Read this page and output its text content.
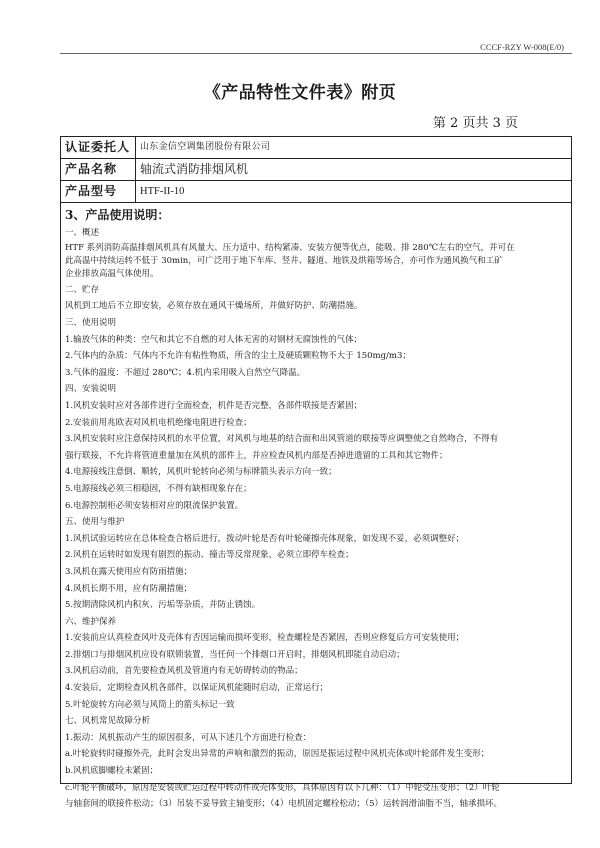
CCCF-RZY W-008(E/0)
《产品特性文件表》附页
第 2 页共 3 页
认证委托人	山东金信空调集团股份有限公司
产品名称	轴流式消防排烟风机
产品型号	HTF-II-10
3、产品使用说明：

一、概述

HTF 系列消防高温排烟风机具有风量大、压力适中、结构紧凑、安装方便等优点，能吸、排 280℃左右的空气，并可在

此高温中持续运转不低于 30min，可广泛用于地下车库、竖井、隧道、地铁及烘箱等场合，亦可作为通风换气和工矿

企业排放高温气体使用。

二、贮存

风机到工地后不立即安装，必须存放在通风干燥场所，并做好防护、防潮措施。

三、使用说明

1.输放气体的种类：空气和其它不自燃的对人体无害的对钢材无腐蚀性的气体；

2.气体内的杂质：气体内不允许有粘性物质，所含的尘土及硬质颗粒物不大于 150mg/m3；

3.气体的温度：不超过 280℃；4.机内采用吸入自然空气降温。

四、安装说明

1.风机安装时应对各部件进行全面检查，机件是否完整，各部件联接是否紧固；

2.安装前用兆欧表对风机电机绝缘电阻进行检查；

3.风机安装时应注意保持风机的水平位置，对风机与地基的结合面和出风管道的联接等应调整使之自然吻合，不得有

强行联接，不允许将管道重量加在风机的部件上，并应检查风机内部是否掉进遗留的工具和其它物件；

4.电源接线注意倒、顺转，风机叶轮转向必须与标牌箭头表示方向一致；

5.电源接线必须三相稳固，不得有缺相现象存在；

6.电源控制柜必须安装相对应的限流保护装置。

五、使用与维护

1.风机试验运转应在总体检查合格后进行，拨动叶轮是否有叶轮碰擦壳体现象，如发现不妥，必须调整好；

2.风机在运转时如发现有剧烈的振动、撞击等反常现象，必须立即停车检查；

3.风机在露天使用应有防雨措施；

4.风机长期不用，应有防潮措施；

5.按期清除风机内积灰、污垢等杂质，并防止锈蚀。

六、维护保养

1.安装前应认真检查风叶及壳体有否因运输而损坏变形，检查螺栓是否紧固，否则应修复后方可安装使用；

2.排烟口与排烟风机应设有联锁装置，当任何一个排烟口开启时，排烟风机即能自动启动；

3.风机启动前，首先要检查风机及管道内有无妨碍转动的物品；

4.安装后，定期检查风机各部件，以保证风机能随时启动，正常运行；

5.叶轮旋转方向必须与风筒上的箭头标记一致

七、风机常见故障分析

1.振动：风机振动产生的原因很多，可从下述几个方面进行检查：

a.叶轮旋转时碰擦外壳，此时会发出异常的声响和激烈的振动，原因是振运过程中风机壳体或叶轮部件发生变形；

b.风机底脚螺栓未紧固；

c.叶轮平衡破坏，原因是安装或贮运过程中转动件或壳体变形，具体原因有以下几种：（1）中轮受压变形；（2）叶轮

与轴套间的联接件松动；（3）吊装不妥导致主轴变形；（4）电机固定螺栓松动；（5）运转润滑油脂不当，轴承损坏。
